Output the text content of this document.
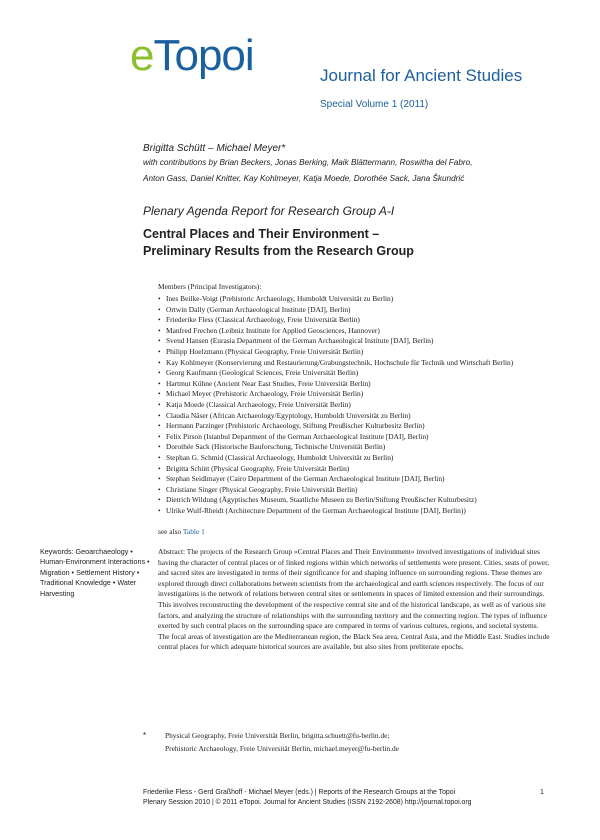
eTopoi	Journal for Ancient Studies
Special Volume 1 (2011)
Brigitta Schütt – Michael Meyer*
with contributions by Brian Beckers, Jonas Berking, Maik Blättermann, Roswitha del Fabro,
Anton Gass, Daniel Knitter, Kay Kohlmeyer, Katja Moede, Dorothée Sack, Jana Škundrić
Plenary Agenda Report for Research Group A-I
Central Places and Their Environment –
Preliminary Results from the Research Group
Members (Principal Investigators):
• Ines Beilke-Voigt (Prehistoric Archaeology, Humboldt Universität zu Berlin)
• Ortwin Dally (German Archaeological Institute [DAI], Berlin)
• Friederike Fless (Classical Archaeology, Freie Universität Berlin)
• Manfred Frechen (Leibniz Institute for Applied Geosciences, Hannover)
• Svend Hansen (Eurasia Department of the German Archaeological Institute [DAI], Berlin)
• Philipp Hoelzmann (Physical Geography, Freie Universität Berlin)
• Kay Kohlmeyer (Konservierung und Restaurierung/Grabungstechnik, Hochschule für Technik und Wirtschaft Berlin)
• Georg Kaufmann (Geological Sciences, Freie Universität Berlin)
• Hartmut Kühne (Ancient Near East Studies, Freie Universität Berlin)
• Michael Meyer (Prehistoric Archaeology, Freie Universität Berlin)
• Katja Moede (Classical Archaeology, Freie Universität Berlin)
• Claudia Näser (African Archaeology/Egyptology, Humboldt Universität zu Berlin)
• Hermann Parzinger (Prehistoric Archaeology, Stiftung Preußischer Kulturbesitz Berlin)
• Felix Pirson (Istanbul Department of the German Archaeological Institute [DAI], Berlin)
• Dorothée Sack (Historische Bauforschung, Technische Universität Berlin)
• Stephan G. Schmid (Classical Archaeology, Humboldt Universität zu Berlin)
• Brigitta Schütt (Physical Geography, Freie Universität Berlin)
• Stephan Seidlmayer (Cairo Department of the German Archaeological Institute [DAI], Berlin)
• Christiane Singer (Physical Geography, Freie Universität Berlin)
• Dietrich Wildung (Ägyptisches Museum, Staatliche Museen zu Berlin/Stiftung Preußischer Kulturbesitz)
• Ulrike Wulf-Rheidt (Architecture Department of the German Archaeological Institute [DAI], Berlin))
see also Table 1
Keywords: Geoarchaeology • Human-Environment Interactions • Migration • Settlement History • Traditional Knowledge • Water Harvesting

Abstract: The projects of the Research Group »Central Places and Their Environment« involved investigations of individual sites having the character of central places or of linked regions within which networks of settlements were present. Cities, seats of power, and sacred sites are investigated in terms of their significance for and shaping influence on surrounding regions. These themes are explored through direct collaborations between scientists from the archaeological and earth sciences respectively. The focus of our investigations is the network of relations between central sites or settlements in spaces of limited extension and their surroundings. This involves reconstructing the development of the respective central site and of the historical landscape, as well as of various site factors, and analyzing the structure of relationships with the surrounding territory and the connecting region. The types of influence exerted by such central places on the surrounding space are compared in terms of various cultures, regions, and societal systems. The focal areas of investigation are the Mediterranean region, the Black Sea area, Central Asia, and the Middle East. Studies include central places for which adequate historical sources are available, but also sites from preliterate epochs.

*	Physical Geography, Freie Universität Berlin, brigitta.schuett@fu-berlin.de;
Prehistoric Archaeology, Freie Universität Berlin, michael.meyer@fu-berlin.de
Friederike Fless - Gerd Graßhoff - Michael Meyer (eds.) | Reports of the Research Groups at the Topoi
Plenary Session 2010 | © 2011 eTopoi. Journal for Ancient Studies (ISSN 2192-2608) http://journal.topoi.org
1
